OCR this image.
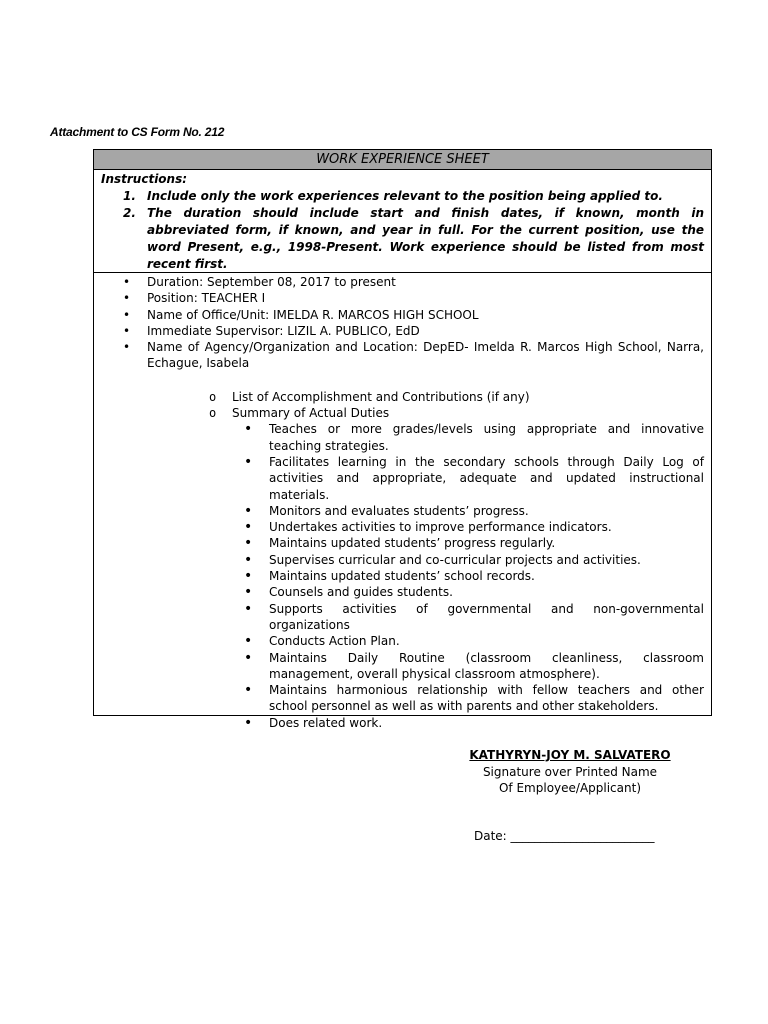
Attachment to CS Form No. 212
WORK EXPERIENCE SHEET
Instructions:
1. Include only the work experiences relevant to the position being applied to.
2. The duration should include start and finish dates, if known, month in abbreviated form, if known, and year in full. For the current position, use the word Present, e.g., 1998-Present. Work experience should be listed from most recent first.
• Duration: September 08, 2017 to present
• Position: TEACHER I
• Name of Office/Unit: IMELDA R. MARCOS HIGH SCHOOL
• Immediate Supervisor: LIZIL A. PUBLICO, EdD
• Name of Agency/Organization and Location: DepED- Imelda R. Marcos High School, Narra, Echague, Isabela
o List of Accomplishment and Contributions (if any)
o Summary of Actual Duties
• Teaches or more grades/levels using appropriate and innovative teaching strategies.
• Facilitates learning in the secondary schools through Daily Log of activities and appropriate, adequate and updated instructional materials.
• Monitors and evaluates students’ progress.
• Undertakes activities to improve performance indicators.
• Maintains updated students’ progress regularly.
• Supervises curricular and co-curricular projects and activities.
• Maintains updated students’ school records.
• Counsels and guides students.
• Supports activities of governmental and non-governmental organizations
• Conducts Action Plan.
• Maintains Daily Routine (classroom cleanliness, classroom management, overall physical classroom atmosphere).
• Maintains harmonious relationship with fellow teachers and other school personnel as well as with parents and other stakeholders.
• Does related work.
KATHYRYN-JOY M. SALVATERO
Signature over Printed Name
Of Employee/Applicant)
Date: ________________________
